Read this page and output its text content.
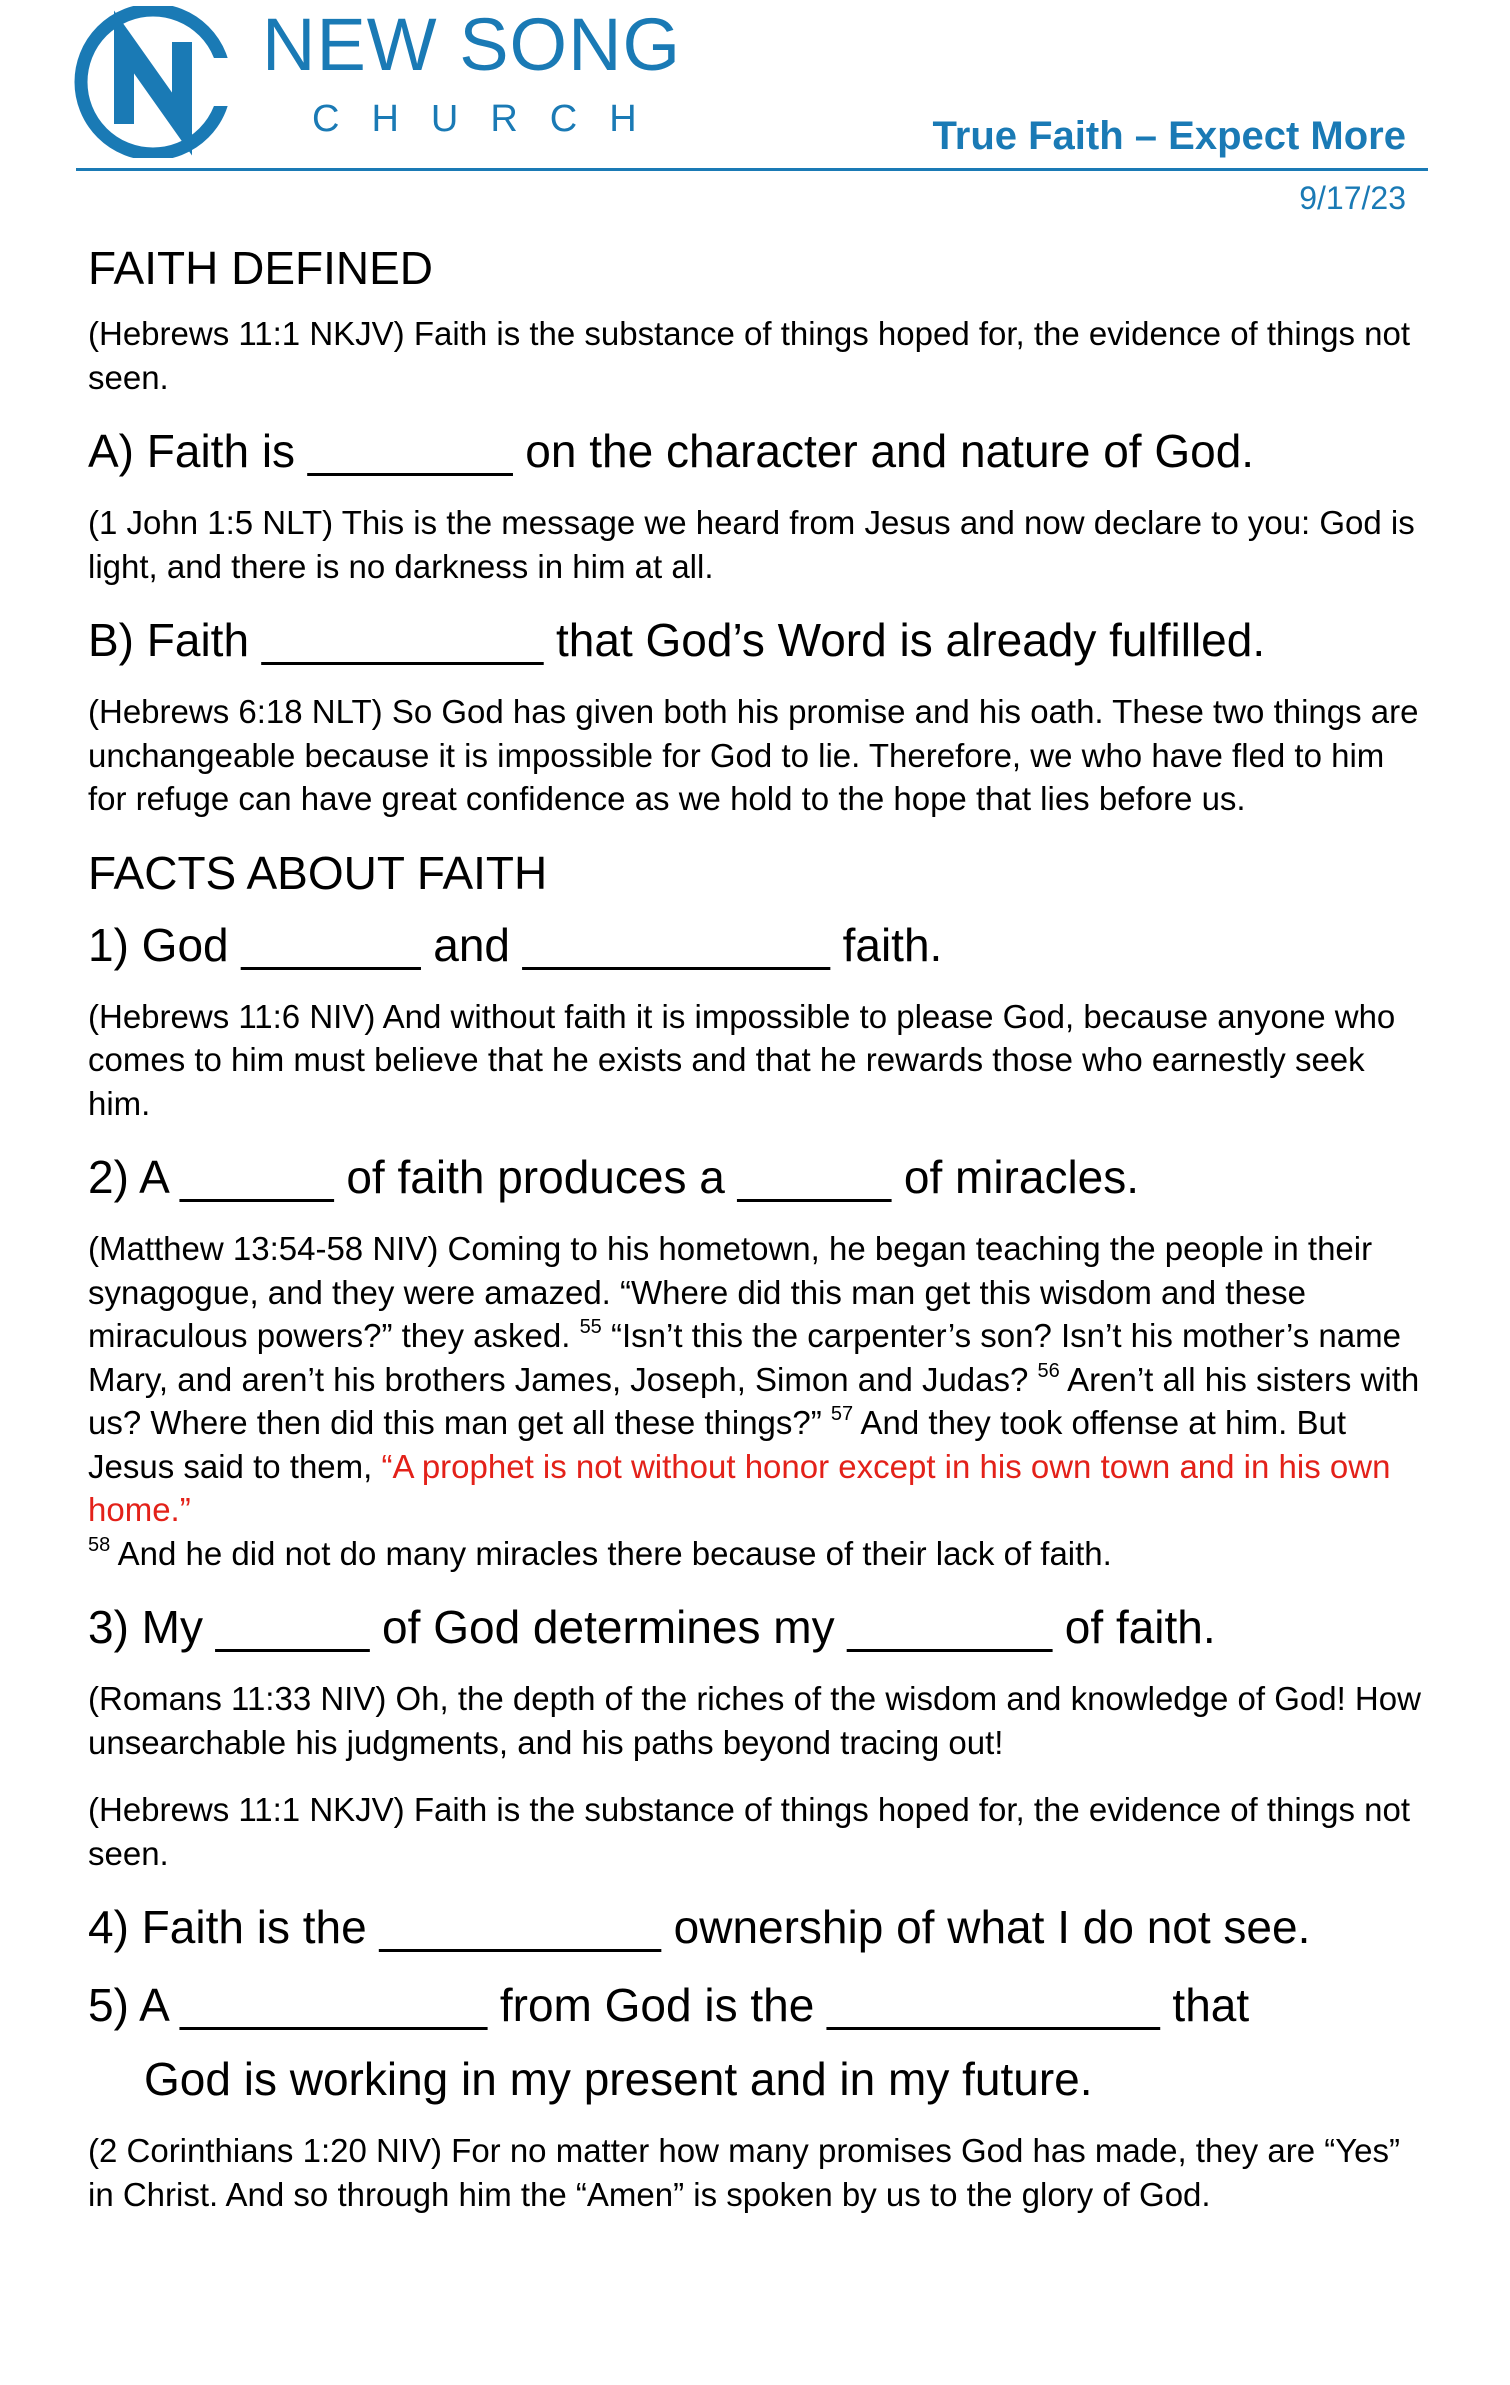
NEW SONG
CHURCH	True Faith – Expect More
9/17/23
FAITH DEFINED
(Hebrews 11:1 NKJV) Faith is the substance of things hoped for, the evidence of things not seen.
A) Faith is ________ on the character and nature of God.
(1 John 1:5 NLT) This is the message we heard from Jesus and now declare to you: God is light, and there is no darkness in him at all.
B) Faith ___________ that God’s Word is already fulfilled.
(Hebrews 6:18 NLT) So God has given both his promise and his oath. These two things are unchangeable because it is impossible for God to lie. Therefore, we who have fled to him for refuge can have great confidence as we hold to the hope that lies before us.
FACTS ABOUT FAITH
1) God _______ and ____________ faith.
(Hebrews 11:6 NIV) And without faith it is impossible to please God, because anyone who comes to him must believe that he exists and that he rewards those who earnestly seek him.
2) A ______ of faith produces a ______ of miracles.
(Matthew 13:54-58 NIV) Coming to his hometown, he began teaching the people in their synagogue, and they were amazed. “Where did this man get this wisdom and these miraculous powers?” they asked. $^{55}$ “Isn’t this the carpenter’s son? Isn’t his mother’s name Mary, and aren’t his brothers James, Joseph, Simon and Judas? $^{56}$ Aren’t all his sisters with us? Where then did this man get all these things?” $^{57}$ And they took offense at him. But Jesus said to them, “A prophet is not without honor except in his own town and in his own home.”
$^{58}$ And he did not do many miracles there because of their lack of faith.
3) My ______ of God determines my ________ of faith.
(Romans 11:33 NIV) Oh, the depth of the riches of the wisdom and knowledge of God! How unsearchable his judgments, and his paths beyond tracing out!
(Hebrews 11:1 NKJV) Faith is the substance of things hoped for, the evidence of things not seen.
4) Faith is the ___________ ownership of what I do not see.
5) A ____________ from God is the _____________ that
God is working in my present and in my future.
(2 Corinthians 1:20 NIV) For no matter how many promises God has made, they are “Yes” in Christ. And so through him the “Amen” is spoken by us to the glory of God.
